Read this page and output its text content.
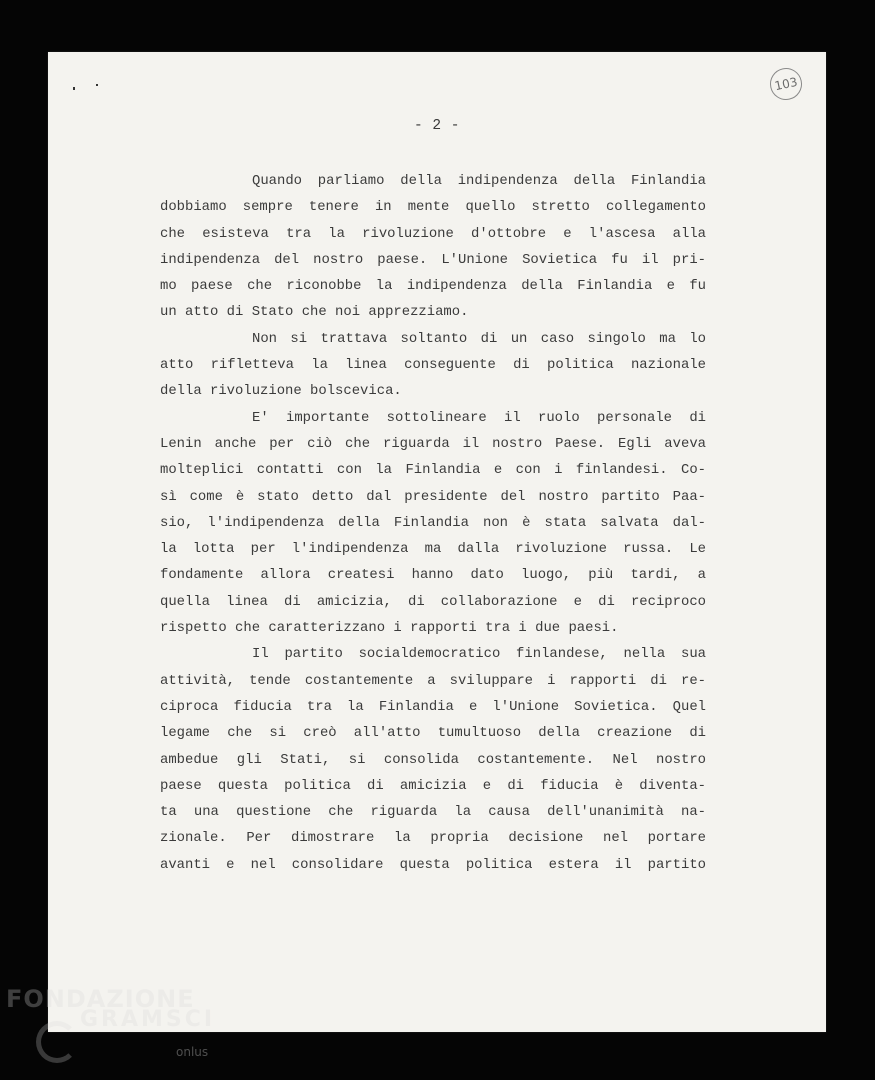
103
- 2 -
Quando parliamo della indipendenza della Finlandia
dobbiamo sempre tenere in mente quello stretto collegamento
che esisteva tra la rivoluzione d'ottobre e l'ascesa alla
indipendenza del nostro paese. L'Unione Sovietica fu il pri-
mo paese che riconobbe la indipendenza della Finlandia e fu
un atto di Stato che noi apprezziamo.
Non si trattava soltanto di un caso singolo ma lo
atto rifletteva la linea conseguente di politica nazionale
della rivoluzione bolscevica.
E' importante sottolineare il ruolo personale di
Lenin anche per ciò che riguarda il nostro Paese. Egli aveva
molteplici contatti con la Finlandia e con i finlandesi. Co-
sì come è stato detto dal presidente del nostro partito Paa-
sio, l'indipendenza della Finlandia non è stata salvata dal-
la lotta per l'indipendenza ma dalla rivoluzione russa. Le
fondamente allora createsi hanno dato luogo, più tardi, a
quella linea di amicizia, di collaborazione e di reciproco
rispetto che caratterizzano i rapporti tra i due paesi.
Il partito socialdemocratico finlandese, nella sua
attività, tende costantemente a sviluppare i rapporti di re-
ciproca fiducia tra la Finlandia e l'Unione Sovietica. Quel
legame che si creò all'atto tumultuoso della creazione di
ambedue gli Stati, si consolida costantemente. Nel nostro
paese questa politica di amicizia e di fiducia è diventa-
ta una questione che riguarda la causa dell'unanimità na-
zionale. Per dimostrare la propria decisione nel portare
avanti e nel consolidare questa politica estera il partito
FONDAZIONE
GRAMSCI
onlus
